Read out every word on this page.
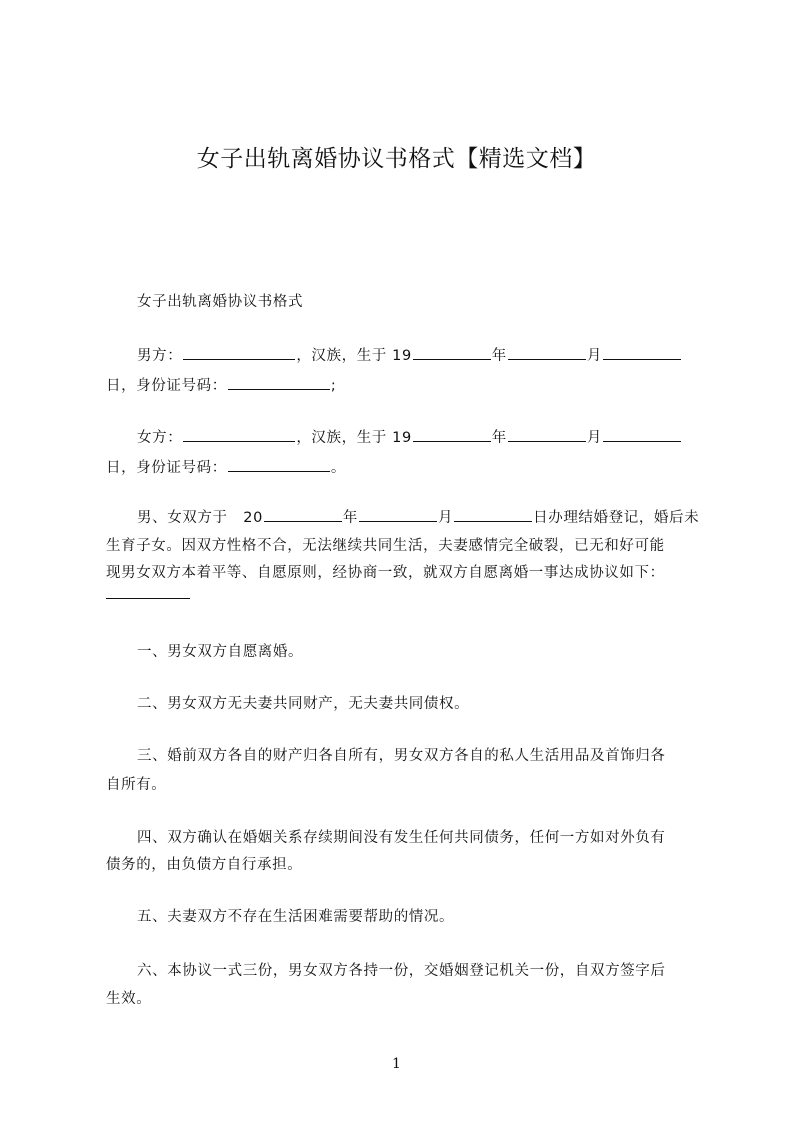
女子出轨离婚协议书格式【精选文档】
女子出轨离婚协议书格式
男方：	，汉族，生于 19	年	月
日，身份证号码：	;
女方：	，汉族，生于 19	年	月
日，身份证号码：	。
男、女双方于 20	年	月	日办理结婚登记，婚后未
生育子女。因双方性格不合，无法继续共同生活，夫妻感情完全破裂，已无和好可能
现男女双方本着平等、自愿原则，经协商一致，就双方自愿离婚一事达成协议如下：
一、男女双方自愿离婚。
二、男女双方无夫妻共同财产，无夫妻共同债权。
三、婚前双方各自的财产归各自所有，男女双方各自的私人生活用品及首饰归各
自所有。
四、双方确认在婚姻关系存续期间没有发生任何共同债务，任何一方如对外负有
债务的，由负债方自行承担。
五、夫妻双方不存在生活困难需要帮助的情况。
六、本协议一式三份，男女双方各持一份，交婚姻登记机关一份，自双方签字后
生效。
1
